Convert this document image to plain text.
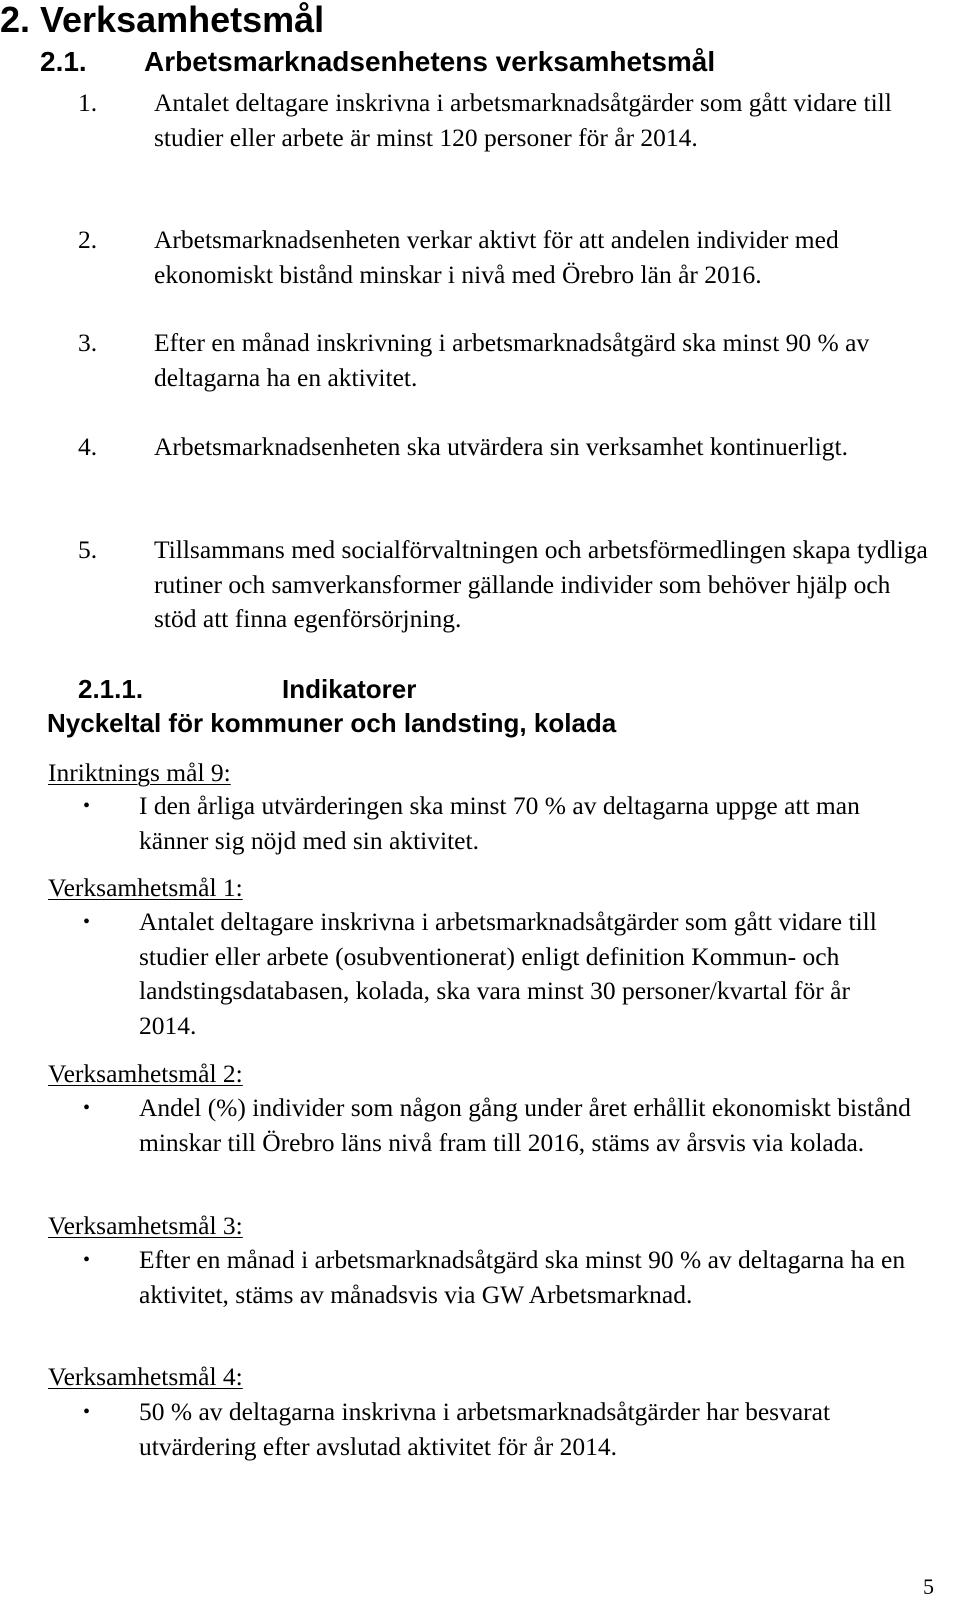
2. Verksamhetsmål
2.1. Arbetsmarknadsenhetens verksamhetsmål
1. Antalet deltagare inskrivna i arbetsmarknadsåtgärder som gått vidare till studier eller arbete är minst 120 personer för år 2014.
2. Arbetsmarknadsenheten verkar aktivt för att andelen individer med ekonomiskt bistånd minskar i nivå med Örebro län år 2016.
3. Efter en månad inskrivning i arbetsmarknadsåtgärd ska minst 90 % av deltagarna ha en aktivitet.
4. Arbetsmarknadsenheten ska utvärdera sin verksamhet kontinuerligt.
5. Tillsammans med socialförvaltningen och arbetsförmedlingen skapa tydliga rutiner och samverkansformer gällande individer som behöver hjälp och stöd att finna egenförsörjning.
2.1.1.	Indikatorer
Nyckeltal för kommuner och landsting, kolada
Inriktnings mål 9:
• I den årliga utvärderingen ska minst 70 % av deltagarna uppge att man känner sig nöjd med sin aktivitet.
Verksamhetsmål 1:
• Antalet deltagare inskrivna i arbetsmarknadsåtgärder som gått vidare till studier eller arbete (osubventionerat) enligt definition Kommun- och landstingsdatabasen, kolada, ska vara minst 30 personer/kvartal för år 2014.
Verksamhetsmål 2:
• Andel (%) individer som någon gång under året erhållit ekonomiskt bistånd minskar till Örebro läns nivå fram till 2016, stäms av årsvis via kolada.
Verksamhetsmål 3:
• Efter en månad i arbetsmarknadsåtgärd ska minst 90 % av deltagarna ha en aktivitet, stäms av månadsvis via GW Arbetsmarknad.
Verksamhetsmål 4:
• 50 % av deltagarna inskrivna i arbetsmarknadsåtgärder har besvarat utvärdering efter avslutad aktivitet för år 2014.
5
